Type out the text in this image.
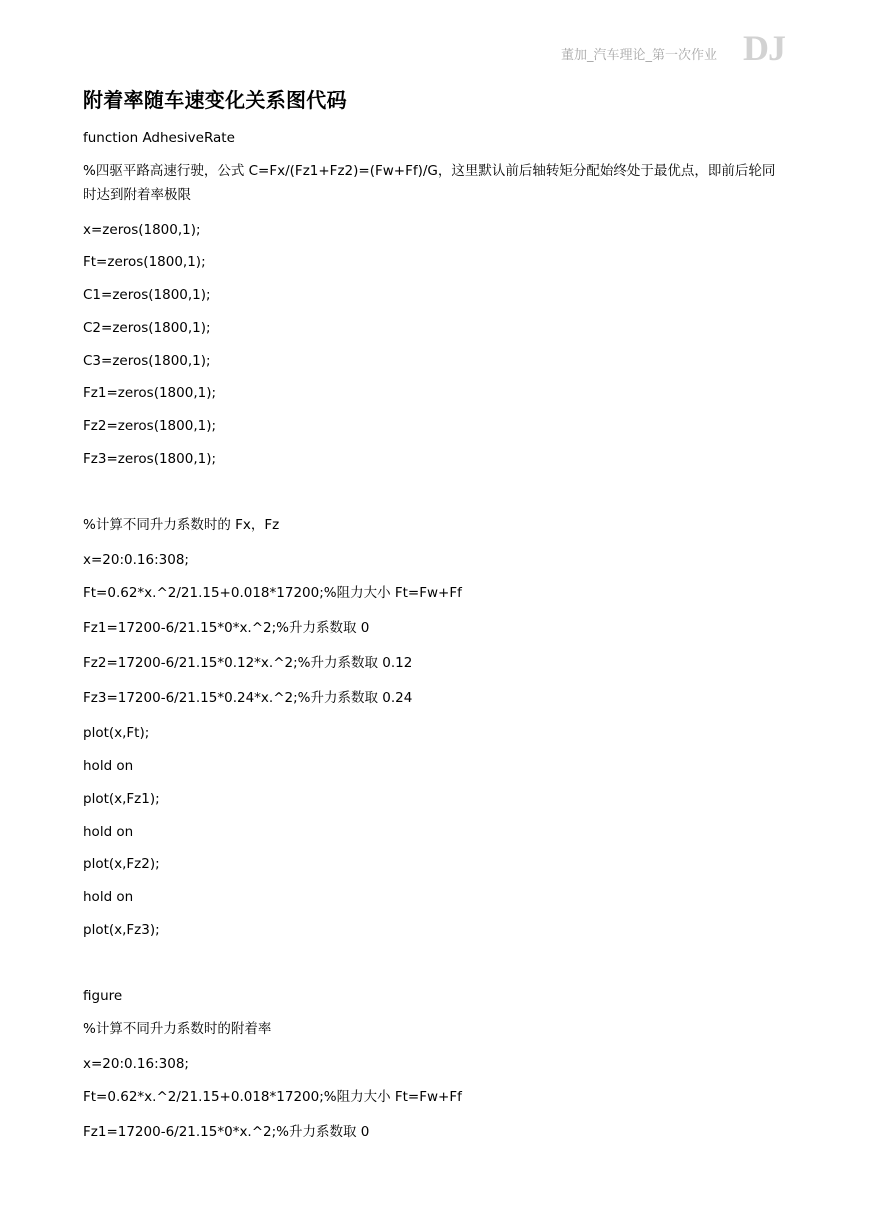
董加_汽车理论_第一次作业 DJ
附着率随车速变化关系图代码
function AdhesiveRate
%四驱平路高速行驶，公式 C=Fx/(Fz1+Fz2)=(Fw+Ff)/G，这里默认前后轴转矩分配始终处于最优点，即前后轮同时达到附着率极限
x=zeros(1800,1);
Ft=zeros(1800,1);
C1=zeros(1800,1);
C2=zeros(1800,1);
C3=zeros(1800,1);
Fz1=zeros(1800,1);
Fz2=zeros(1800,1);
Fz3=zeros(1800,1);
%计算不同升力系数时的 Fx，Fz
x=20:0.16:308;
Ft=0.62*x.^2/21.15+0.018*17200;%阻力大小 Ft=Fw+Ff
Fz1=17200-6/21.15*0*x.^2;%升力系数取 0
Fz2=17200-6/21.15*0.12*x.^2;%升力系数取 0.12
Fz3=17200-6/21.15*0.24*x.^2;%升力系数取 0.24
plot(x,Ft);
hold on
plot(x,Fz1);
hold on
plot(x,Fz2);
hold on
plot(x,Fz3);
figure
%计算不同升力系数时的附着率
x=20:0.16:308;
Ft=0.62*x.^2/21.15+0.018*17200;%阻力大小 Ft=Fw+Ff
Fz1=17200-6/21.15*0*x.^2;%升力系数取 0
